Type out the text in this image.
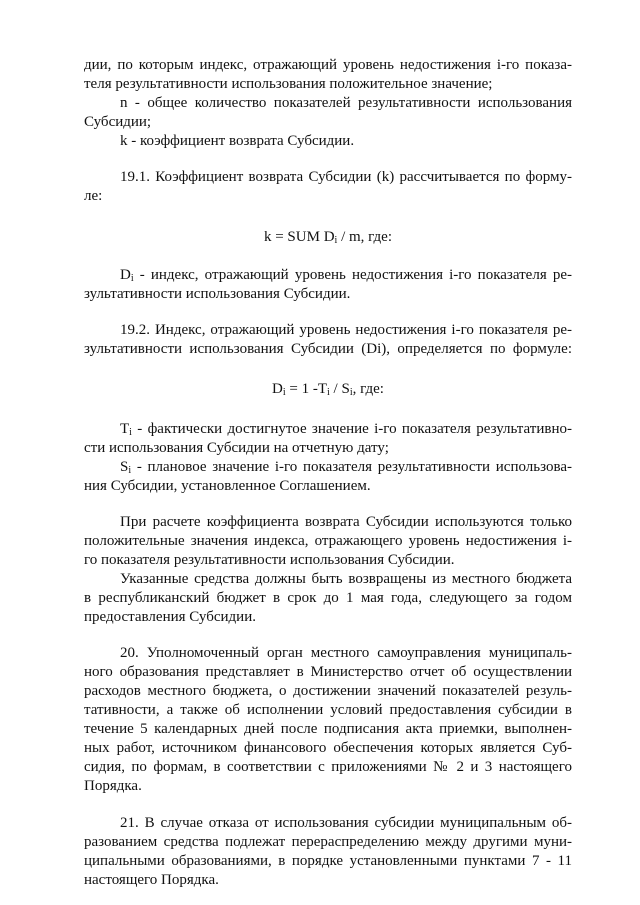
дии, по которым индекс, отражающий уровень недостижения i-го показа-
теля результативности использования положительное значение;
n - общее количество показателей результативности использования
Субсидии;
k - коэффициент возврата Субсидии.
19.1. Коэффициент возврата Субсидии (k) рассчитывается по форму-
ле:
k = SUM $D_i$ / m, где:
$D_i$ - индекс, отражающий уровень недостижения i-го показателя ре-
зультативности использования Субсидии.
19.2. Индекс, отражающий уровень недостижения i-го показателя ре-
зультативности использования Субсидии (Di), определяется по формуле:
$D_i = 1$ $-T_i / S_i$, где:
$T_i$ - фактически достигнутое значение i-го показателя результативно-
сти использования Субсидии на отчетную дату;
$S_i$ - плановое значение i-го показателя результативности использова-
ния Субсидии, установленное Соглашением.
При расчете коэффициента возврата Субсидии используются только
положительные значения индекса, отражающего уровень недостижения i-
го показателя результативности использования Субсидии.
Указанные средства должны быть возвращены из местного бюджета
в республиканский бюджет в срок до 1 мая года, следующего за годом
предоставления Субсидии.
20. Уполномоченный орган местного самоуправления муниципаль-
ного образования представляет в Министерство отчет об осуществлении
расходов местного бюджета, о достижении значений показателей резуль-
тативности, а также об исполнении условий предоставления субсидии в
течение 5 календарных дней после подписания акта приемки, выполнен-
ных работ, источником финансового обеспечения которых является Суб-
сидия, по формам, в соответствии с приложениями № 2 и 3 настоящего
Порядка.
21. В случае отказа от использования субсидии муниципальным об-
разованием средства подлежат перераспределению между другими муни-
ципальными образованиями, в порядке установленными пунктами 7 - 11
настоящего Порядка.
